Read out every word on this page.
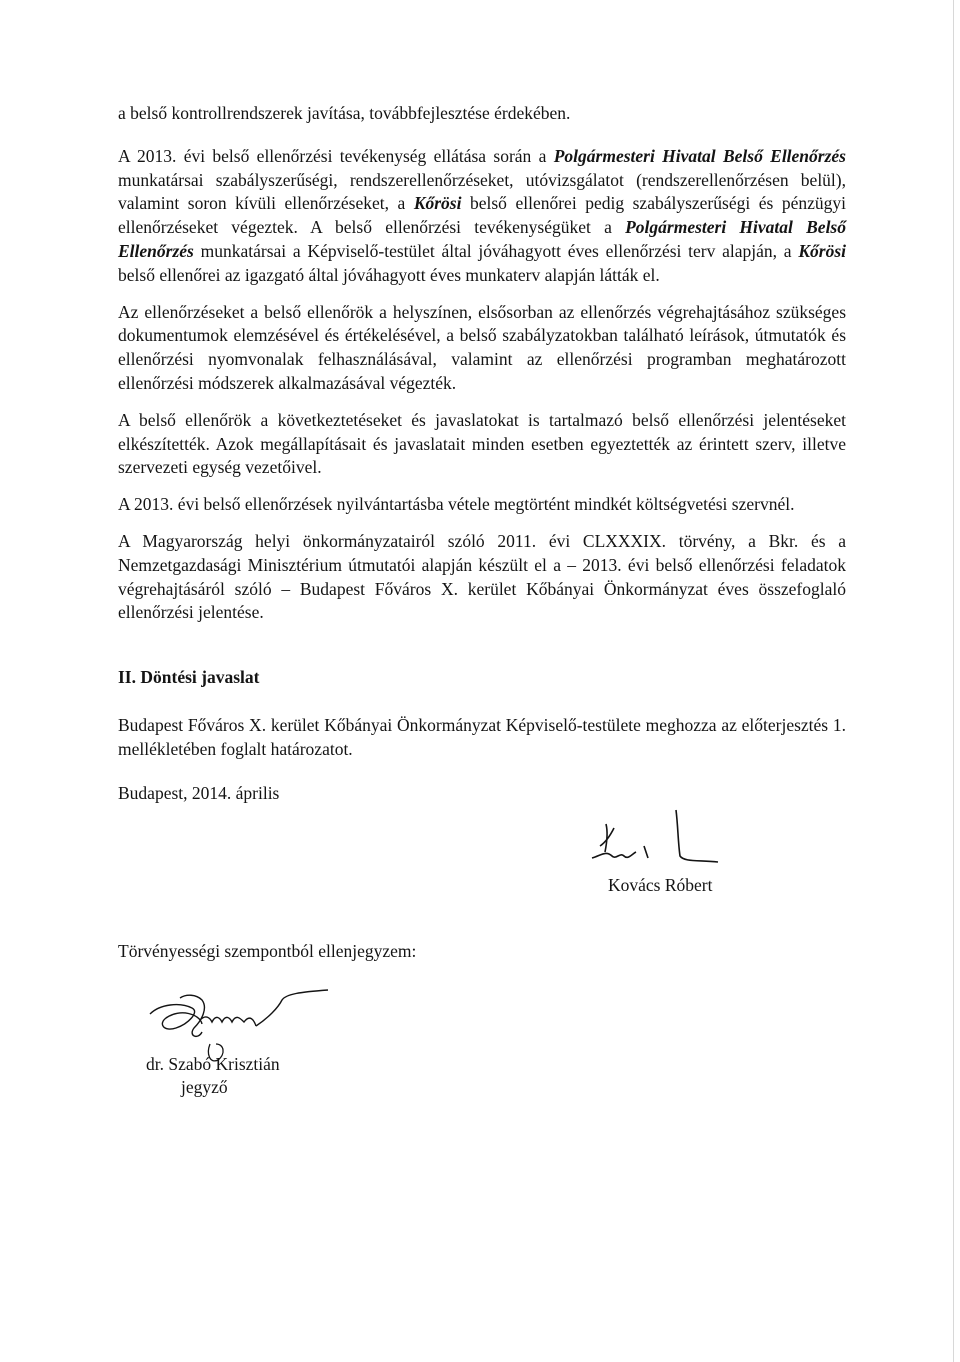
a belső kontrollrendszerek javítása, továbbfejlesztése érdekében.

A 2013. évi belső ellenőrzési tevékenység ellátása során a Polgármesteri Hivatal Belső Ellenőrzés munkatársai szabályszerűségi, rendszerellenőrzéseket, utóvizsgálatot (rendszerellenőrzésen belül), valamint soron kívüli ellenőrzéseket, a Kőrösi belső ellenőrei pedig szabályszerűségi és pénzügyi ellenőrzéseket végeztek. A belső ellenőrzési tevékenységüket a Polgármesteri Hivatal Belső Ellenőrzés munkatársai a Képviselő-testület által jóváhagyott éves ellenőrzési terv alapján, a Kőrösi belső ellenőrei az igazgató által jóváhagyott éves munkaterv alapján látták el.

Az ellenőrzéseket a belső ellenőrök a helyszínen, elsősorban az ellenőrzés végrehajtásához szükséges dokumentumok elemzésével és értékelésével, a belső szabályzatokban található leírások, útmutatók és ellenőrzési nyomvonalak felhasználásával, valamint az ellenőrzési programban meghatározott ellenőrzési módszerek alkalmazásával végezték.

A belső ellenőrök a következtetéseket és javaslatokat is tartalmazó belső ellenőrzési jelentéseket elkészítették. Azok megállapításait és javaslatait minden esetben egyeztették az érintett szerv, illetve szervezeti egység vezetőivel.

A 2013. évi belső ellenőrzések nyilvántartásba vétele megtörtént mindkét költségvetési szervnél.

A Magyarország helyi önkormányzatairól szóló 2011. évi CLXXXIX. törvény, a Bkr. és a Nemzetgazdasági Minisztérium útmutatói alapján készült el a – 2013. évi belső ellenőrzési feladatok végrehajtásáról szóló – Budapest Főváros X. kerület Kőbányai Önkormányzat éves összefoglaló ellenőrzési jelentése.

II. Döntési javaslat

Budapest Főváros X. kerület Kőbányai Önkormányzat Képviselő-testülete meghozza az előterjesztés 1. mellékletében foglalt határozatot.

Budapest, 2014. április

Kovács Róbert
Törvényességi szempontból ellenjegyzem:
dr. Szabó Krisztián
jegyző
